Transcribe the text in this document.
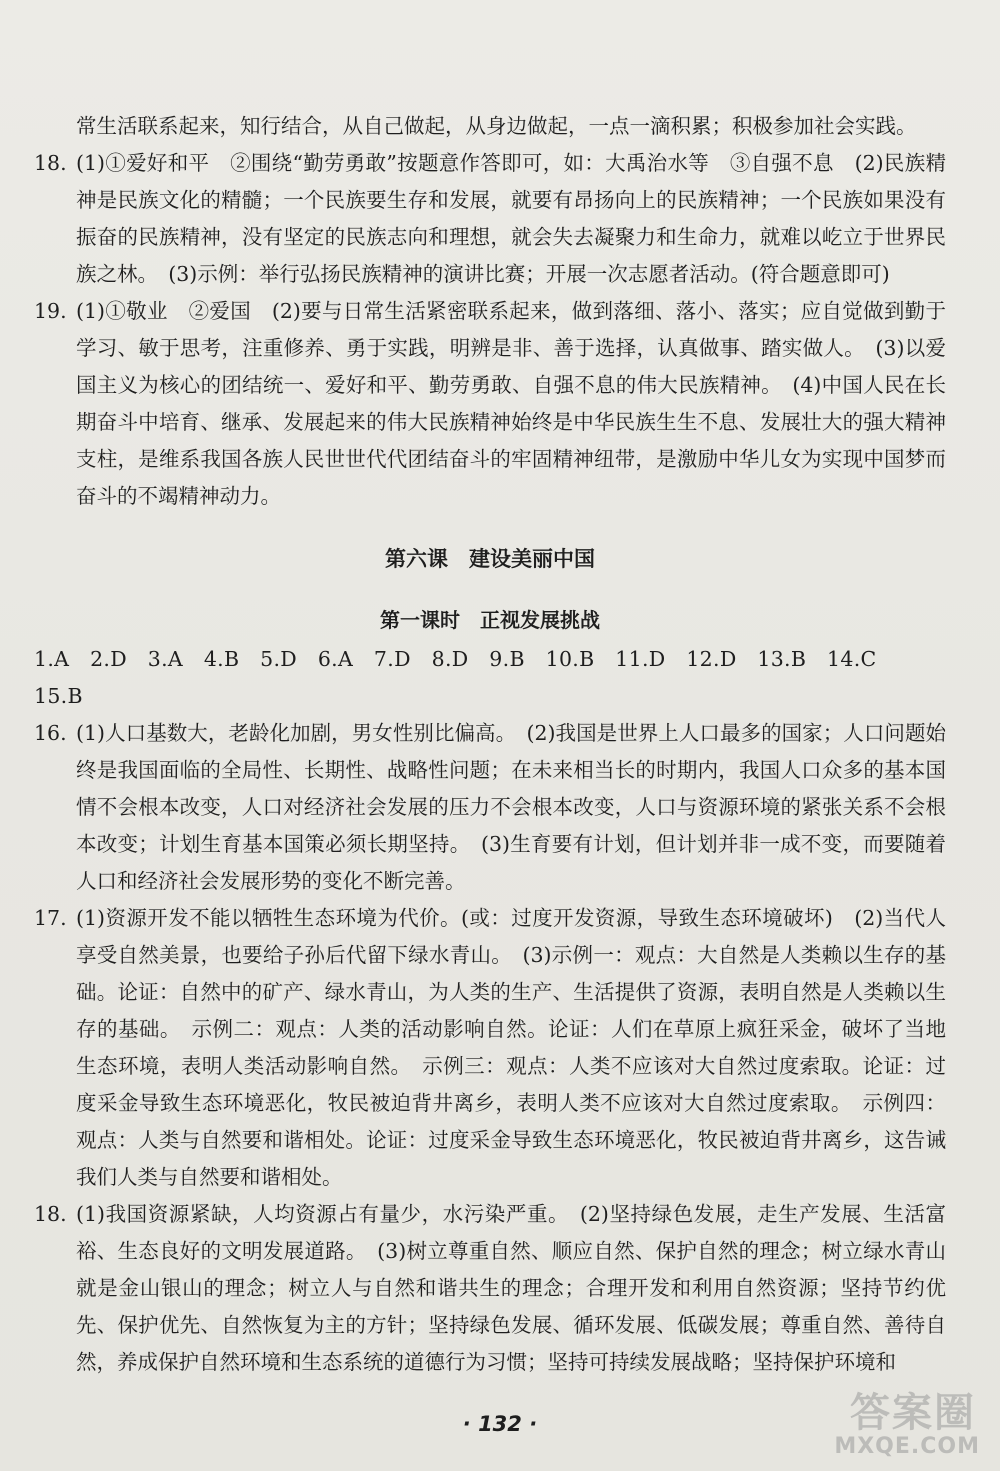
常生活联系起来，知行结合，从自己做起，从身边做起，一点一滴积累；积极参加社会实践。

18. (1)①爱好和平　②围绕“勤劳勇敢”按题意作答即可，如：大禹治水等　③自强不息　(2)民族精神是民族文化的精髓；一个民族要生存和发展，就要有昂扬向上的民族精神；一个民族如果没有振奋的民族精神，没有坚定的民族志向和理想，就会失去凝聚力和生命力，就难以屹立于世界民族之林。　(3)示例：举行弘扬民族精神的演讲比赛；开展一次志愿者活动。(符合题意即可)
19. (1)①敬业　②爱国　(2)要与日常生活紧密联系起来，做到落细、落小、落实；应自觉做到勤于学习、敏于思考，注重修养、勇于实践，明辨是非、善于选择，认真做事、踏实做人。　(3)以爱国主义为核心的团结统一、爱好和平、勤劳勇敢、自强不息的伟大民族精神。　(4)中国人民在长期奋斗中培育、继承、发展起来的伟大民族精神始终是中华民族生生不息、发展壮大的强大精神支柱，是维系我国各族人民世世代代团结奋斗的牢固精神纽带，是激励中华儿女为实现中国梦而奋斗的不竭精神动力。
第六课　建设美丽中国
第一课时　正视发展挑战

1.A　2.D　3.A　4.B　5.D　6.A　7.D　8.D　9.B　10.B　11.D　12.D　13.B　14.C　15.B

16. (1)人口基数大，老龄化加剧，男女性别比偏高。　(2)我国是世界上人口最多的国家；人口问题始终是我国面临的全局性、长期性、战略性问题；在未来相当长的时期内，我国人口众多的基本国情不会根本改变，人口对经济社会发展的压力不会根本改变，人口与资源环境的紧张关系不会根本改变；计划生育基本国策必须长期坚持。　(3)生育要有计划，但计划并非一成不变，而要随着人口和经济社会发展形势的变化不断完善。
17. (1)资源开发不能以牺牲生态环境为代价。(或：过度开发资源，导致生态环境破坏)　(2)当代人享受自然美景，也要给子孙后代留下绿水青山。　(3)示例一：观点：大自然是人类赖以生存的基础。论证：自然中的矿产、绿水青山，为人类的生产、生活提供了资源，表明自然是人类赖以生存的基础。　示例二：观点：人类的活动影响自然。论证：人们在草原上疯狂采金，破坏了当地生态环境，表明人类活动影响自然。　示例三：观点：人类不应该对大自然过度索取。论证：过度采金导致生态环境恶化，牧民被迫背井离乡，表明人类不应该对大自然过度索取。　示例四：观点：人类与自然要和谐相处。论证：过度采金导致生态环境恶化，牧民被迫背井离乡，这告诫我们人类与自然要和谐相处。
18. (1)我国资源紧缺，人均资源占有量少，水污染严重。　(2)坚持绿色发展，走生产发展、生活富裕、生态良好的文明发展道路。　(3)树立尊重自然、顺应自然、保护自然的理念；树立绿水青山就是金山银山的理念；树立人与自然和谐共生的理念；合理开发和利用自然资源；坚持节约优先、保护优先、自然恢复为主的方针；坚持绿色发展、循环发展、低碳发展；尊重自然、善待自然，养成保护自然环境和生态系统的道德行为习惯；坚持可持续发展战略；坚持保护环境和
· 132 ·	答案圈
MXQE.COM
